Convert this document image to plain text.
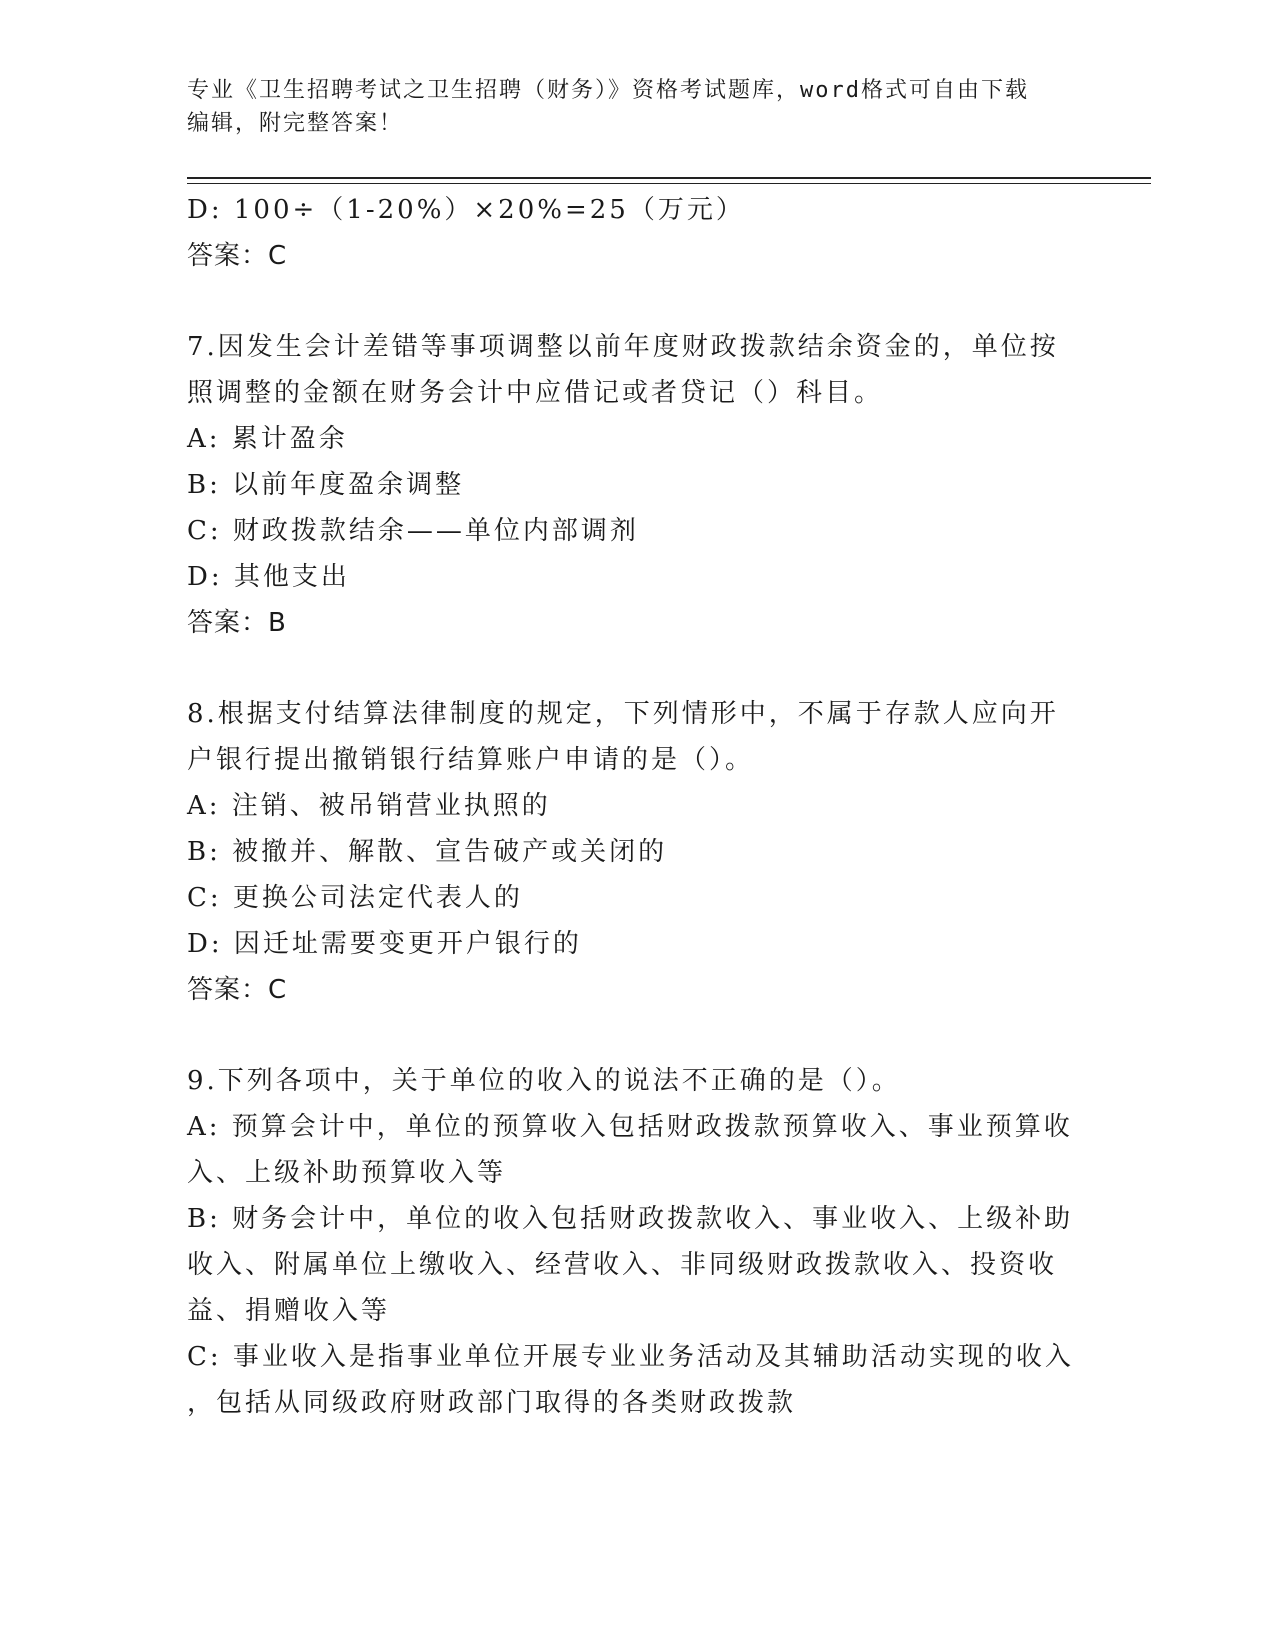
专业《卫生招聘考试之卫生招聘（财务）》资格考试题库，word格式可自由下载
编辑，附完整答案！
D: 100÷（1-20%）×20%=25（万元）
答案：C
7.因发生会计差错等事项调整以前年度财政拨款结余资金的，单位按
照调整的金额在财务会计中应借记或者贷记（）科目。
A: 累计盈余
B: 以前年度盈余调整
C: 财政拨款结余——单位内部调剂
D: 其他支出
答案：B
8.根据支付结算法律制度的规定，下列情形中，不属于存款人应向开
户银行提出撤销银行结算账户申请的是（）。
A: 注销、被吊销营业执照的
B: 被撤并、解散、宣告破产或关闭的
C: 更换公司法定代表人的
D: 因迁址需要变更开户银行的
答案：C
9.下列各项中，关于单位的收入的说法不正确的是（）。
A: 预算会计中，单位的预算收入包括财政拨款预算收入、事业预算收
入、上级补助预算收入等
B: 财务会计中，单位的收入包括财政拨款收入、事业收入、上级补助
收入、附属单位上缴收入、经营收入、非同级财政拨款收入、投资收
益、捐赠收入等
C: 事业收入是指事业单位开展专业业务活动及其辅助活动实现的收入
，包括从同级政府财政部门取得的各类财政拨款
